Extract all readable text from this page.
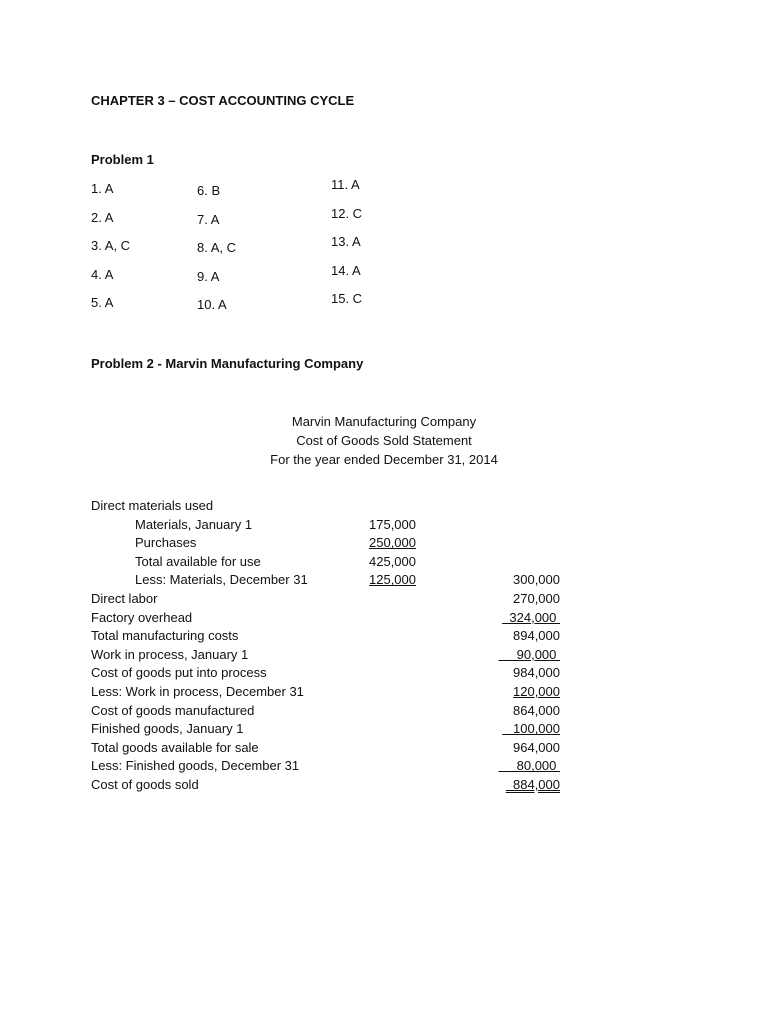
CHAPTER 3 – COST ACCOUNTING CYCLE
Problem 1
1. A
2. A
3. A, C
4. A
5. A
6. B
7. A
8. A, C
9. A
10. A
11. A
12. C
13. A
14. A
15. C
Problem 2 - Marvin Manufacturing Company
Marvin Manufacturing Company
Cost of Goods Sold Statement
For the year ended December 31, 2014
Direct materials used
Materials, January 1	175,000
Purchases	250,000
Total available for use	425,000
Less: Materials, December 31	125,000	300,000
Direct labor	270,000
Factory overhead	324,000
Total manufacturing costs	894,000
Work in process, January 1	90,000
Cost of goods put into process	984,000
Less: Work in process, December 31	120,000
Cost of goods manufactured	864,000
Finished goods, January 1	100,000
Total goods available for sale	964,000
Less: Finished goods, December 31	80,000
Cost of goods sold	884,000
